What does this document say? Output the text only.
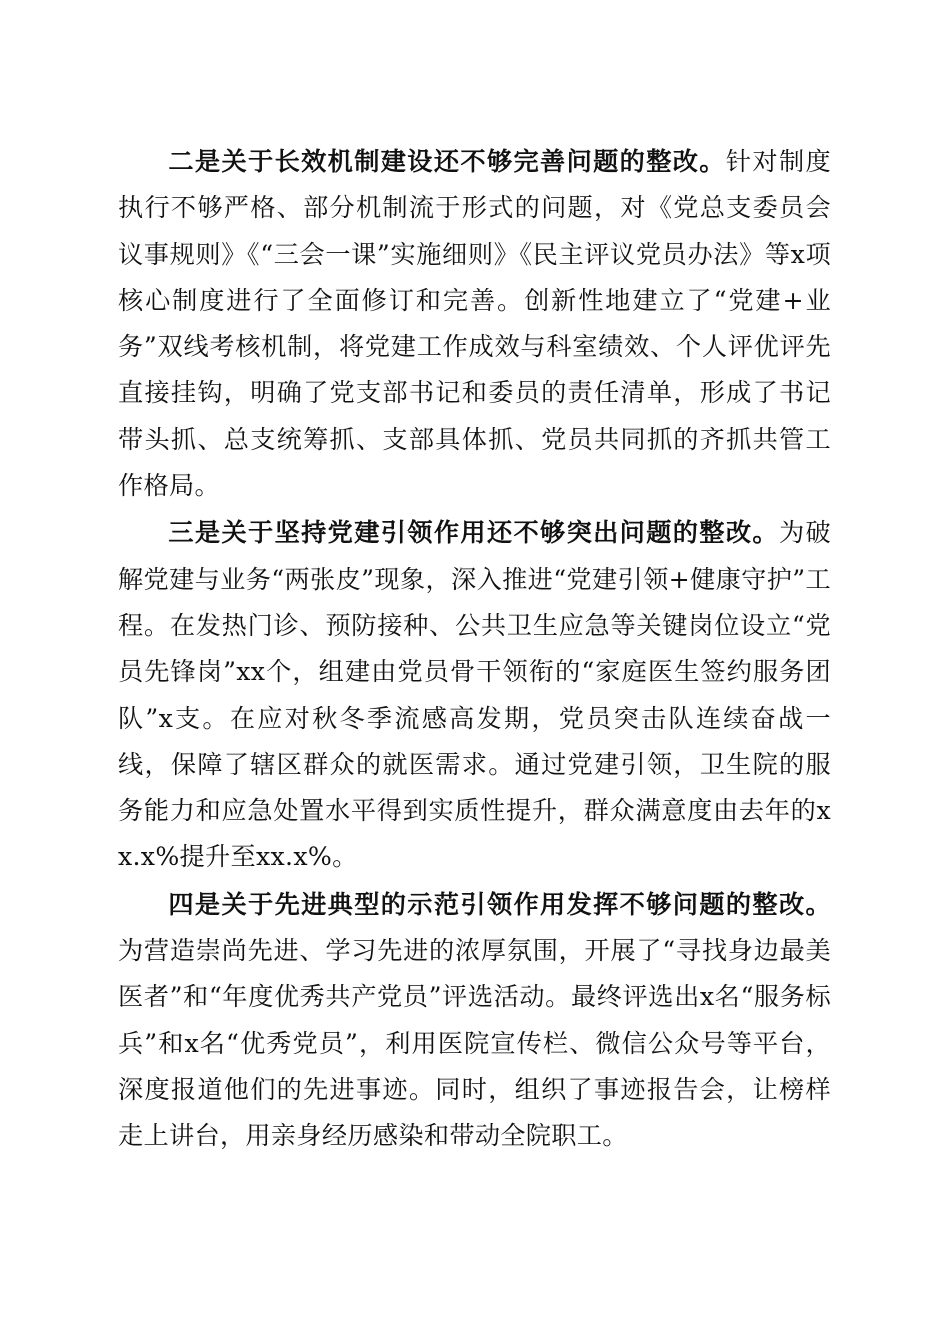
二是关于长效机制建设还不够完善问题的整改。针对制度执行不够严格、部分机制流于形式的问题，对《党总支委员会议事规则》《“三会一课”实施细则》《民主评议党员办法》等x项核心制度进行了全面修订和完善。创新性地建立了“党建+业务”双线考核机制，将党建工作成效与科室绩效、个人评优评先直接挂钩，明确了党支部书记和委员的责任清单，形成了书记带头抓、总支统筹抓、支部具体抓、党员共同抓的齐抓共管工作格局。

三是关于坚持党建引领作用还不够突出问题的整改。为破解党建与业务“两张皮”现象，深入推进“党建引领+健康守护”工程。在发热门诊、预防接种、公共卫生应急等关键岗位设立“党员先锋岗”xx个，组建由党员骨干领衔的“家庭医生签约服务团队”x支。在应对秋冬季流感高发期，党员突击队连续奋战一线，保障了辖区群众的就医需求。通过党建引领，卫生院的服务能力和应急处置水平得到实质性提升，群众满意度由去年的xx.x%提升至xx.x%。

四是关于先进典型的示范引领作用发挥不够问题的整改。为营造崇尚先进、学习先进的浓厚氛围，开展了“寻找身边最美医者”和“年度优秀共产党员”评选活动。最终评选出x名“服务标兵”和x名“优秀党员”，利用医院宣传栏、微信公众号等平台，深度报道他们的先进事迹。同时，组织了事迹报告会，让榜样走上讲台，用亲身经历感染和带动全院职工。
